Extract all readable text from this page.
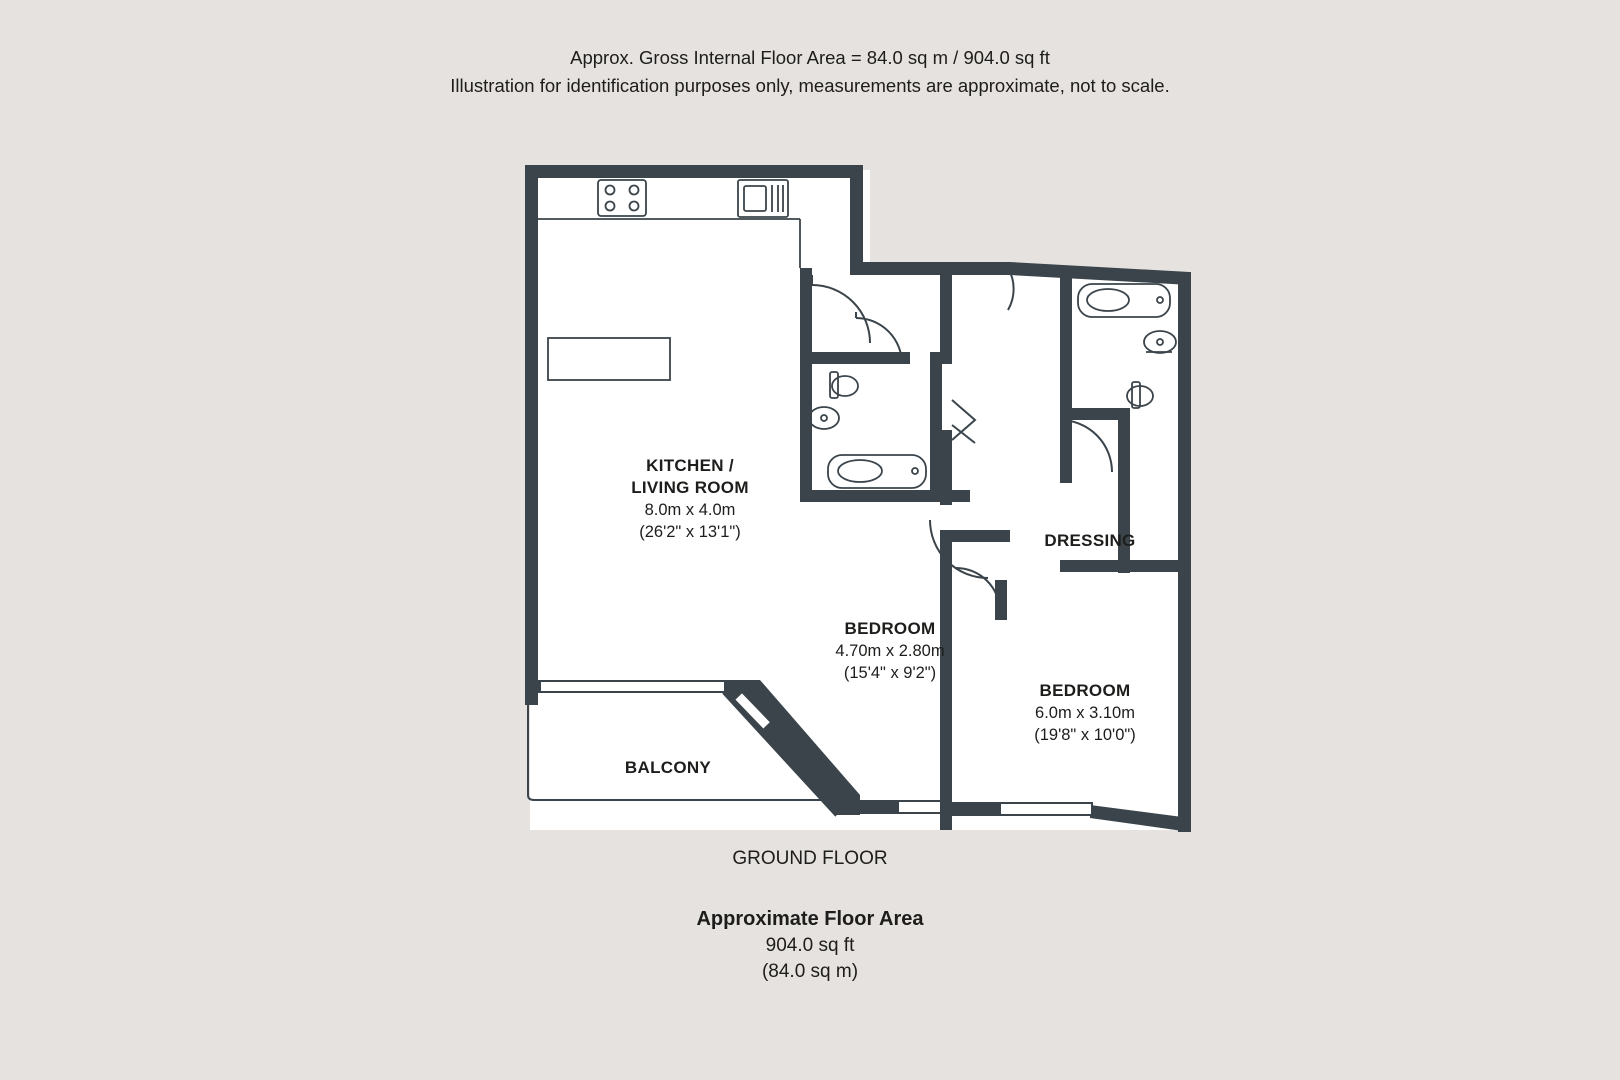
Approx. Gross Internal Floor Area = 84.0 sq m / 904.0 sq ft
Illustration for identification purposes only, measurements are approximate, not to scale.
KITCHEN /
LIVING ROOM
8.0m x 4.0m
(26'2" x 13'1")
BEDROOM
4.70m x 2.80m
(15'4" x 9'2")
BEDROOM
6.0m x 3.10m
(19'8" x 10'0")
DRESSING
BALCONY
GROUND FLOOR
Approximate Floor Area
904.0 sq ft
(84.0 sq m)
